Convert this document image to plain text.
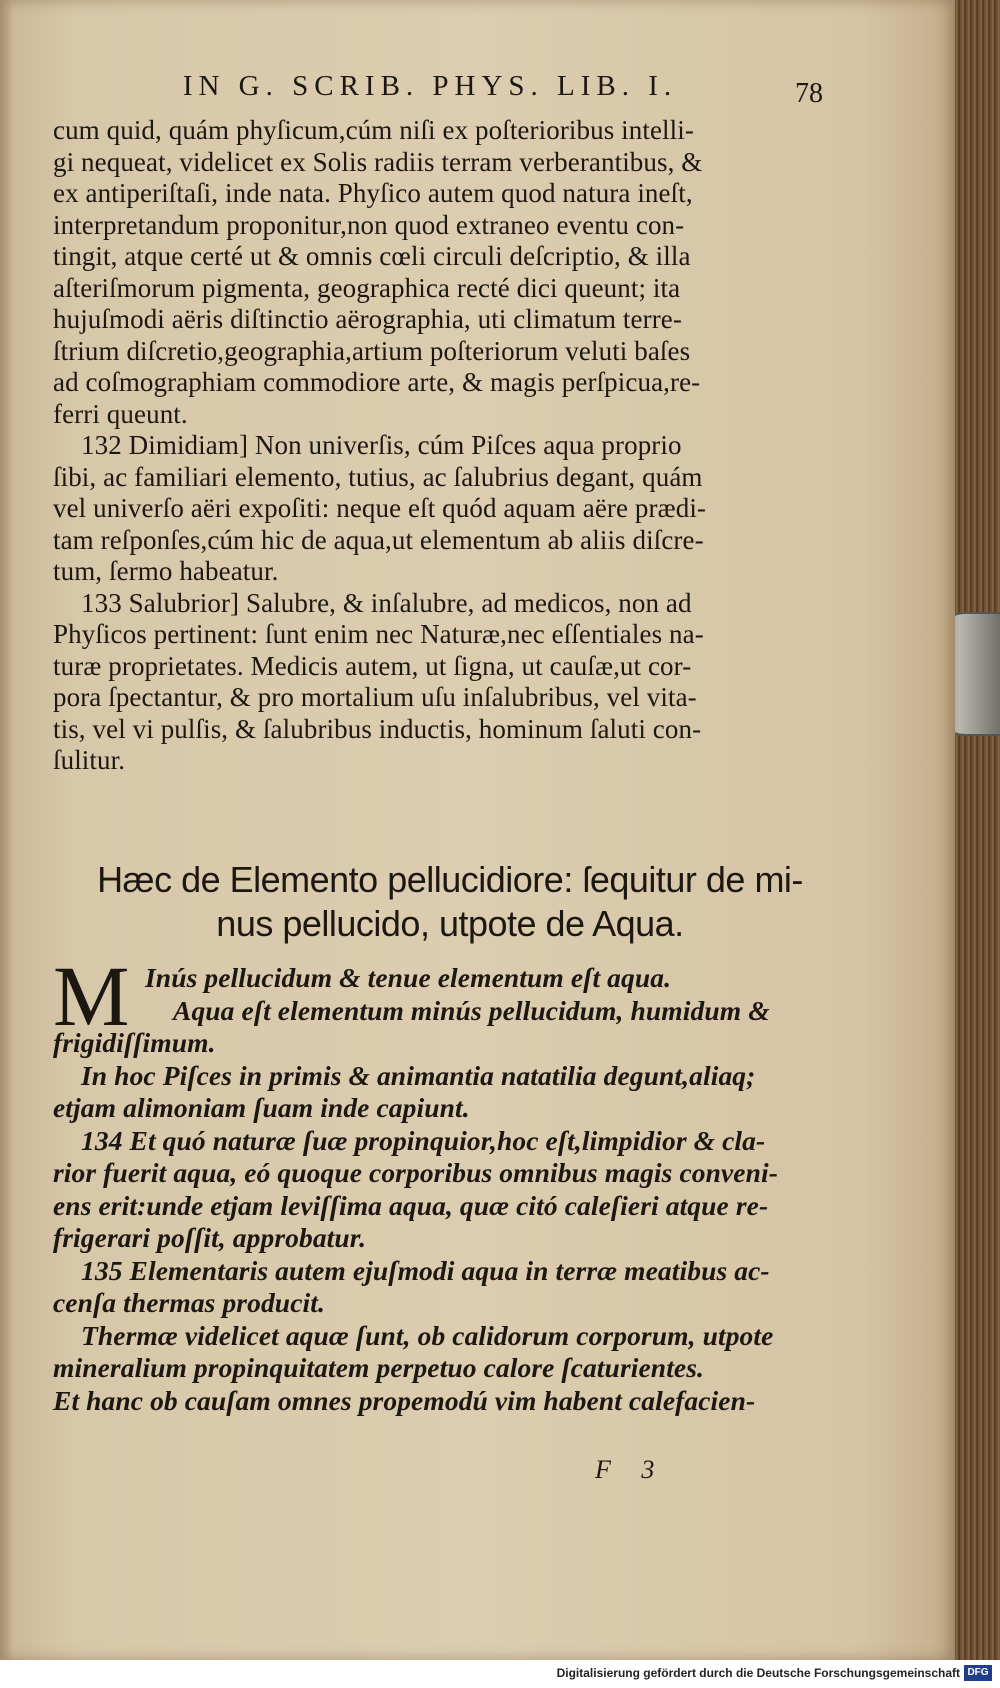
IN G. SCRIB. PHYS. LIB. I.	78
cum quid, quám phyſicum,cúm niſi ex poſterioribus intelli-
gi nequeat, videlicet ex Solis radiis terram verberantibus, &
ex antiperiſtaſi, inde nata. Phyſico autem quod natura ineſt,
interpretandum proponitur,non quod extraneo eventu con-
tingit, atque certé ut & omnis cœli circuli deſcriptio, & illa
aſteriſmorum pigmenta, geographica recté dici queunt; ita
hujuſmodi aëris diſtinctio aërographia, uti climatum terre-
ſtrium diſcretio,geographia,artium poſteriorum veluti baſes
ad coſmographiam commodiore arte, & magis perſpicua,re-
ferri queunt.
132 Dimidiam] Non univerſis, cúm Piſces aqua proprio
ſibi, ac familiari elemento, tutius, ac ſalubrius degant, quám
vel univerſo aëri expoſiti: neque eſt quód aquam aëre prædi-
tam reſponſes,cúm hic de aqua,ut elementum ab aliis diſcre-
tum, ſermo habeatur.
133 Salubrior] Salubre, & inſalubre, ad medicos, non ad
Phyſicos pertinent: ſunt enim nec Naturæ,nec eſſentiales na-
turæ proprietates. Medicis autem, ut ſigna, ut cauſæ,ut cor-
pora ſpectantur, & pro mortalium uſu inſalubribus, vel vita-
tis, vel vi pulſis, & ſalubribus inductis, hominum ſaluti con-
ſulitur.
Hæc de Elemento pellucidiore: ſequitur de mi-
nus pellucido, utpote de Aqua.
M Inús pellucidum & tenue elementum eſt aqua.
Aqua eſt elementum minús pellucidum, humidum &
frigidiſſimum.
In hoc Piſces in primis & animantia natatilia degunt,aliaq;
etjam alimoniam ſuam inde capiunt.
134 Et quó naturæ ſuæ propinquior,hoc eſt,limpidior & cla-
rior fuerit aqua, eó quoque corporibus omnibus magis conveni-
ens erit:unde etjam leviſſima aqua, quæ citó caleſieri atque re-
frigerari poſſit, approbatur.
135 Elementaris autem ejuſmodi aqua in terræ meatibus ac-
cenſa thermas producit.
Thermæ videlicet aquæ ſunt, ob calidorum corporum, utpote
mineralium propinquitatem perpetuo calore ſcaturientes.
Et hanc ob cauſam omnes propemodú vim habent calefacien-
F 3
Digitalisierung gefördert durch die Deutsche Forschungsgemeinschaft DFG
